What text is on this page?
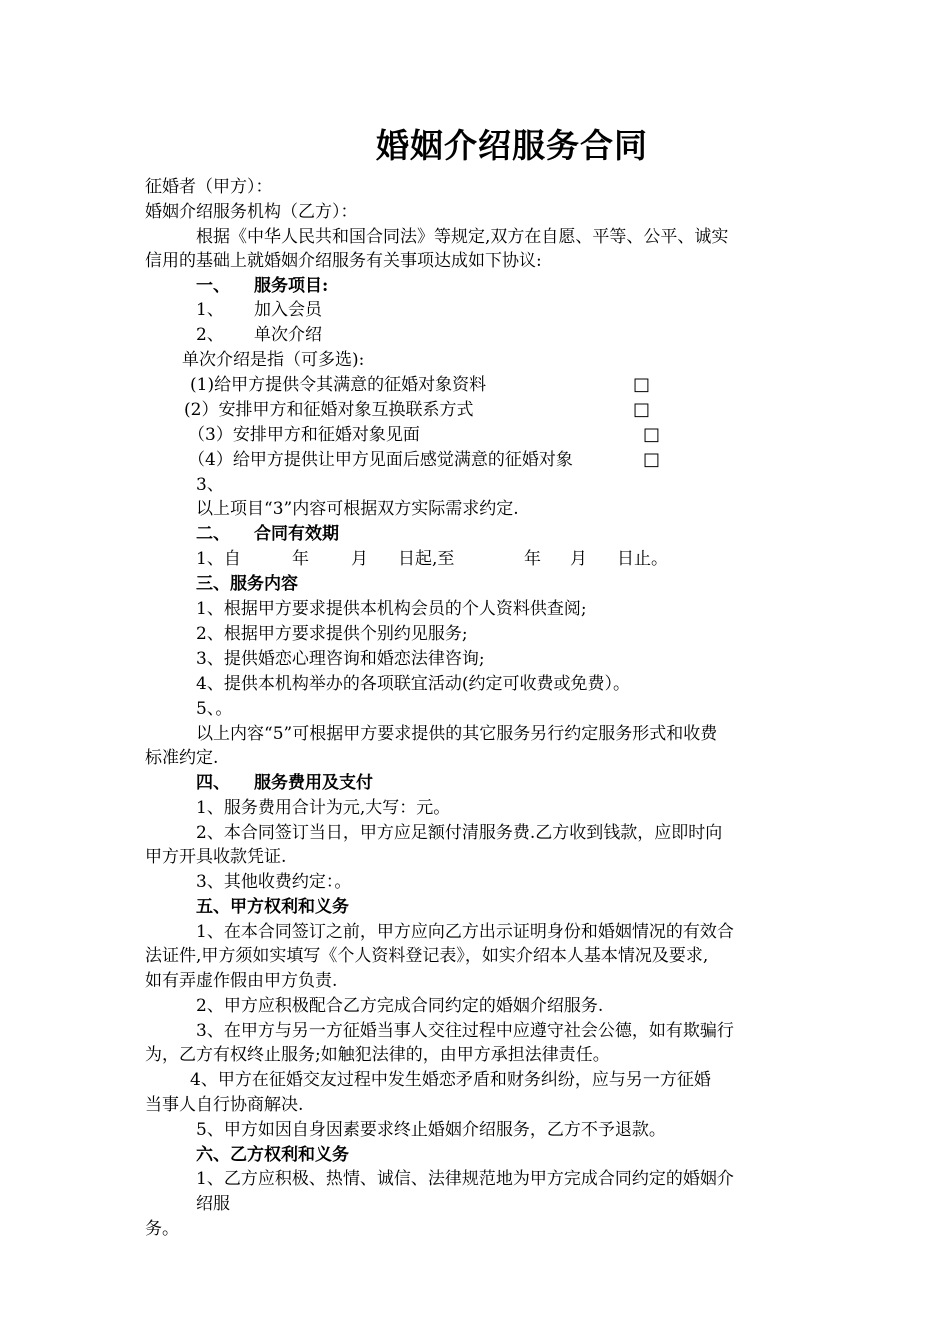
婚姻介绍服务合同
征婚者（甲方）：
婚姻介绍服务机构（乙方）：
根据《中华人民共和国合同法》等规定,双方在自愿、平等、公平、诚实
信用的基础上就婚姻介绍服务有关事项达成如下协议:
一、 服务项目:
1、 加入会员
2、 单次介绍
单次介绍是指（可多选):
(1)给甲方提供令其满意的征婚对象资料	□
(2）安排甲方和征婚对象互换联系方式	□
（3）安排甲方和征婚对象见面	□
（4）给甲方提供让甲方见面后感觉满意的征婚对象	□
3、
以上项目“3”内容可根据双方实际需求约定.
二、 合同有效期
1、自	年 月 日起,至	年 月 日止。
三、服务内容
1、根据甲方要求提供本机构会员的个人资料供查阅;
2、根据甲方要求提供个别约见服务;
3、提供婚恋心理咨询和婚恋法律咨询;
4、提供本机构举办的各项联宜活动(约定可收费或免费）。
5、。
以上内容“5”可根据甲方要求提供的其它服务另行约定服务形式和收费
标准约定.
四、 服务费用及支付
1、服务费用合计为元,大写：元。
2、本合同签订当日，甲方应足额付清服务费.乙方收到钱款，应即时向
甲方开具收款凭证.
3、其他收费约定：。
五、甲方权利和义务
1、在本合同签订之前，甲方应向乙方出示证明身份和婚姻情况的有效合
法证件,甲方须如实填写《个人资料登记表》，如实介绍本人基本情况及要求,
如有弄虚作假由甲方负责.
2、甲方应积极配合乙方完成合同约定的婚姻介绍服务.
3、在甲方与另一方征婚当事人交往过程中应遵守社会公德，如有欺骗行
为，乙方有权终止服务;如触犯法律的，由甲方承担法律责任。
4、甲方在征婚交友过程中发生婚恋矛盾和财务纠纷，应与另一方征婚
当事人自行协商解决.
5、甲方如因自身因素要求终止婚姻介绍服务，乙方不予退款。
六、乙方权利和义务
1、乙方应积极、热情、诚信、法律规范地为甲方完成合同约定的婚姻介
绍服
务。
